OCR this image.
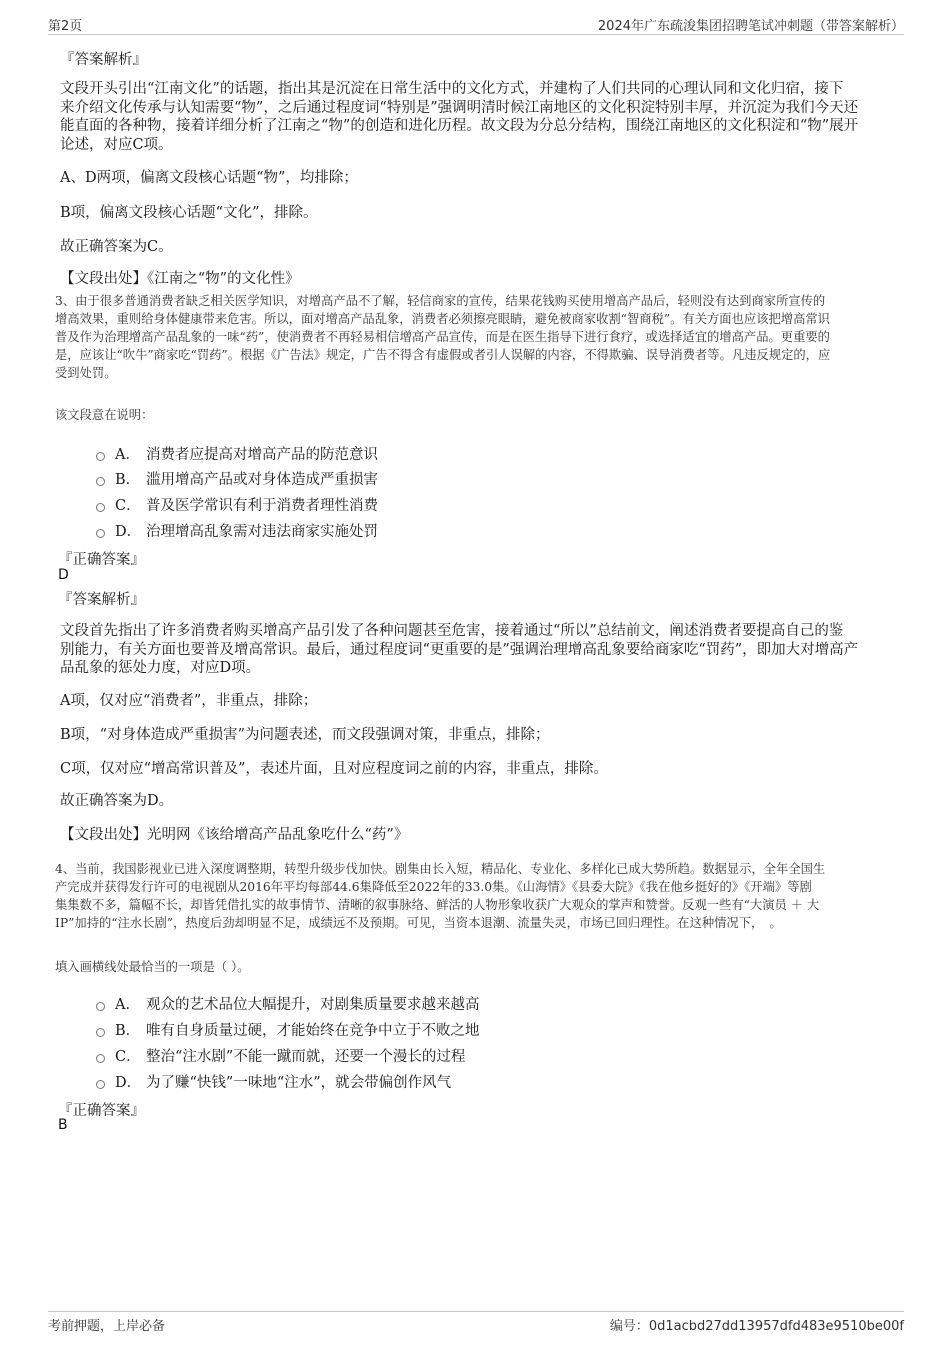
第2页	2024年广东疏浚集团招聘笔试冲刺题（带答案解析）
『答案解析』
文段开头引出“江南文化”的话题，指出其是沉淀在日常生活中的文化方式，并建构了人们共同的心理认同和文化归宿，接下
来介绍文化传承与认知需要“物”，之后通过程度词“特别是”强调明清时候江南地区的文化积淀特别丰厚，并沉淀为我们今天还
能直面的各种物，接着详细分析了江南之“物”的创造和进化历程。故文段为分总分结构，围绕江南地区的文化积淀和“物”展开
论述，对应C项。
A、D两项，偏离文段核心话题“物”，均排除；
B项，偏离文段核心话题“文化”，排除。
故正确答案为C。
【文段出处】《江南之“物”的文化性》
3、由于很多普通消费者缺乏相关医学知识，对增高产品不了解，轻信商家的宣传，结果花钱购买使用增高产品后，轻则没有达到商家所宣传的
增高效果，重则给身体健康带来危害。所以，面对增高产品乱象，消费者必须擦亮眼睛，避免被商家收割“智商税”。有关方面也应该把增高常识
普及作为治理增高产品乱象的一味“药”，使消费者不再轻易相信增高产品宣传，而是在医生指导下进行食疗，或选择适宜的增高产品。更重要的
是，应该让“吹牛”商家吃“罚药”。根据《广告法》规定，广告不得含有虚假或者引人误解的内容，不得欺骗、误导消费者等。凡违反规定的，应
受到处罚。
该文段意在说明：
A． 消费者应提高对增高产品的防范意识
B． 滥用增高产品或对身体造成严重损害
C． 普及医学常识有利于消费者理性消费
D． 治理增高乱象需对违法商家实施处罚
『正确答案』
D
『答案解析』
文段首先指出了许多消费者购买增高产品引发了各种问题甚至危害，接着通过“所以”总结前文，阐述消费者要提高自己的鉴
别能力，有关方面也要普及增高常识。最后，通过程度词“更重要的是”强调治理增高乱象要给商家吃“罚药”，即加大对增高产
品乱象的惩处力度，对应D项。
A项，仅对应“消费者”，非重点，排除；
B项，“对身体造成严重损害”为问题表述，而文段强调对策，非重点，排除；
C项，仅对应“增高常识普及”，表述片面，且对应程度词之前的内容，非重点，排除。
故正确答案为D。
【文段出处】光明网《该给增高产品乱象吃什么“药”》
4、当前，我国影视业已进入深度调整期，转型升级步伐加快。剧集由长入短，精品化、专业化、多样化已成大势所趋。数据显示，全年全国生
产完成并获得发行许可的电视剧从2016年平均每部44.6集降低至2022年的33.0集。《山海情》《县委大院》《我在他乡挺好的》《开端》等剧
集集数不多，篇幅不长，却皆凭借扎实的故事情节、清晰的叙事脉络、鲜活的人物形象收获广大观众的掌声和赞誉。反观一些有“大演员 ＋ 大
IP”加持的“注水长剧”，热度后劲却明显不足，成绩远不及预期。可见，当资本退潮、流量失灵，市场已回归理性。在这种情况下，　。
填入画横线处最恰当的一项是（ ）。
A． 观众的艺术品位大幅提升，对剧集质量要求越来越高
B． 唯有自身质量过硬，才能始终在竞争中立于不败之地
C． 整治“注水剧”不能一蹴而就，还要一个漫长的过程
D． 为了赚“快钱”一味地“注水”，就会带偏创作风气
『正确答案』
B
考前押题，上岸必备	编号：0d1acbd27dd13957dfd483e9510be00f
